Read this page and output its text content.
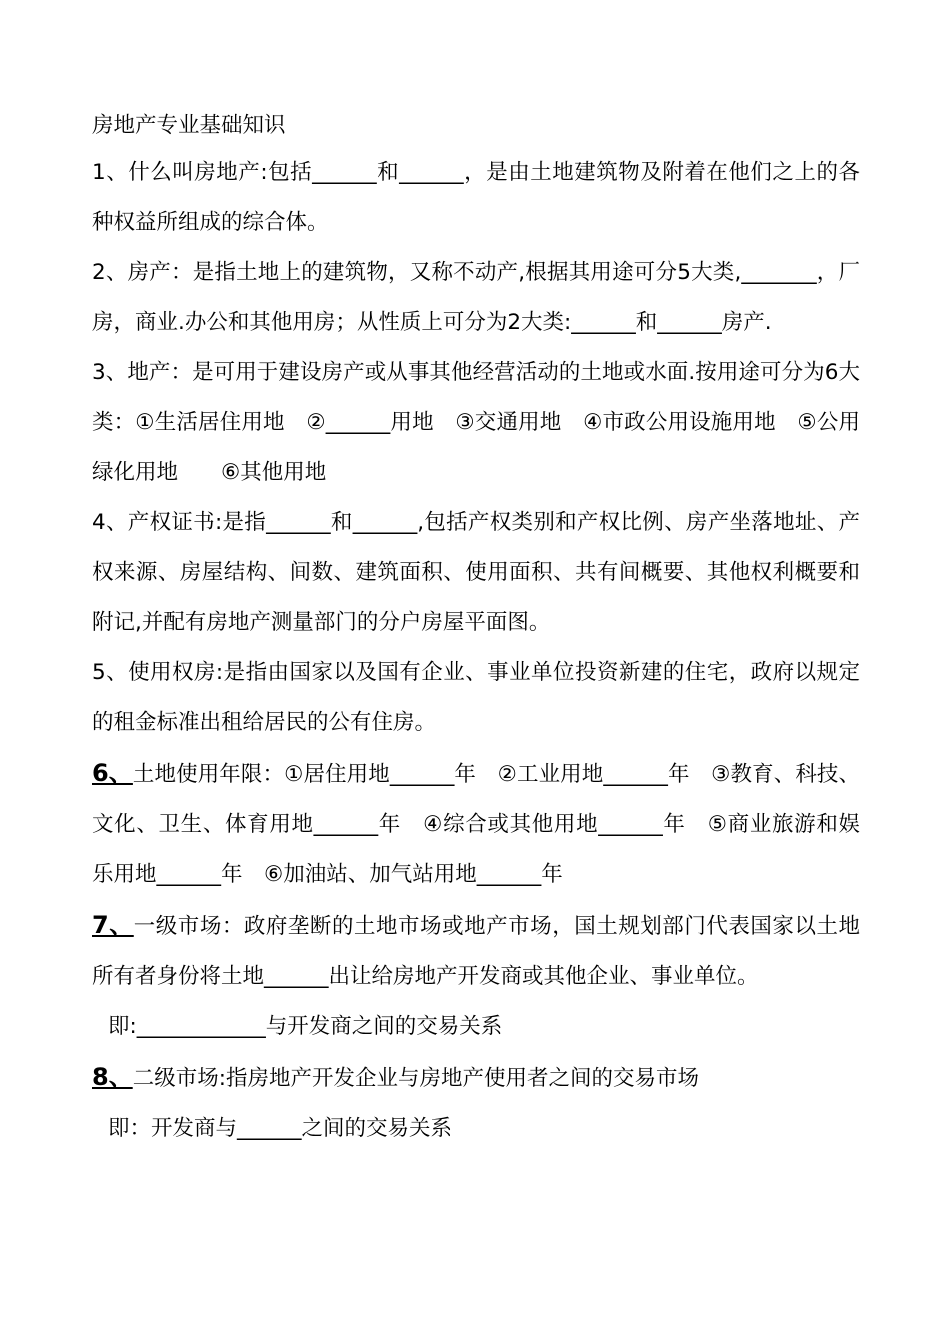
房地产专业基础知识
1、什么叫房地产:包括______和______，是由土地建筑物及附着在他们之上的各种权益所组成的综合体。
2、房产：是指土地上的建筑物，又称不动产,根据其用途可分5大类,_______，厂房，商业.办公和其他用房；从性质上可分为2大类:______和______房产.
3、地产：是可用于建设房产或从事其他经营活动的土地或水面.按用途可分为6大类：①生活居住用地　②______用地　③交通用地　④市政公用设施用地　⑤公用绿化用地　　⑥其他用地
4、产权证书:是指______和______,包括产权类别和产权比例、房产坐落地址、产权来源、房屋结构、间数、建筑面积、使用面积、共有间概要、其他权利概要和附记,并配有房地产测量部门的分户房屋平面图。
5、使用权房:是指由国家以及国有企业、事业单位投资新建的住宅，政府以规定的租金标准出租给居民的公有住房。
6、土地使用年限：①居住用地______年　②工业用地______年　③教育、科技、文化、卫生、体育用地______年　④综合或其他用地______年　⑤商业旅游和娱乐用地______年　⑥加油站、加气站用地______年
7、一级市场：政府垄断的土地市场或地产市场，国土规划部门代表国家以土地所有者身份将土地______出让给房地产开发商或其他企业、事业单位。
即:____________与开发商之间的交易关系
8、二级市场:指房地产开发企业与房地产使用者之间的交易市场
即：开发商与______之间的交易关系
